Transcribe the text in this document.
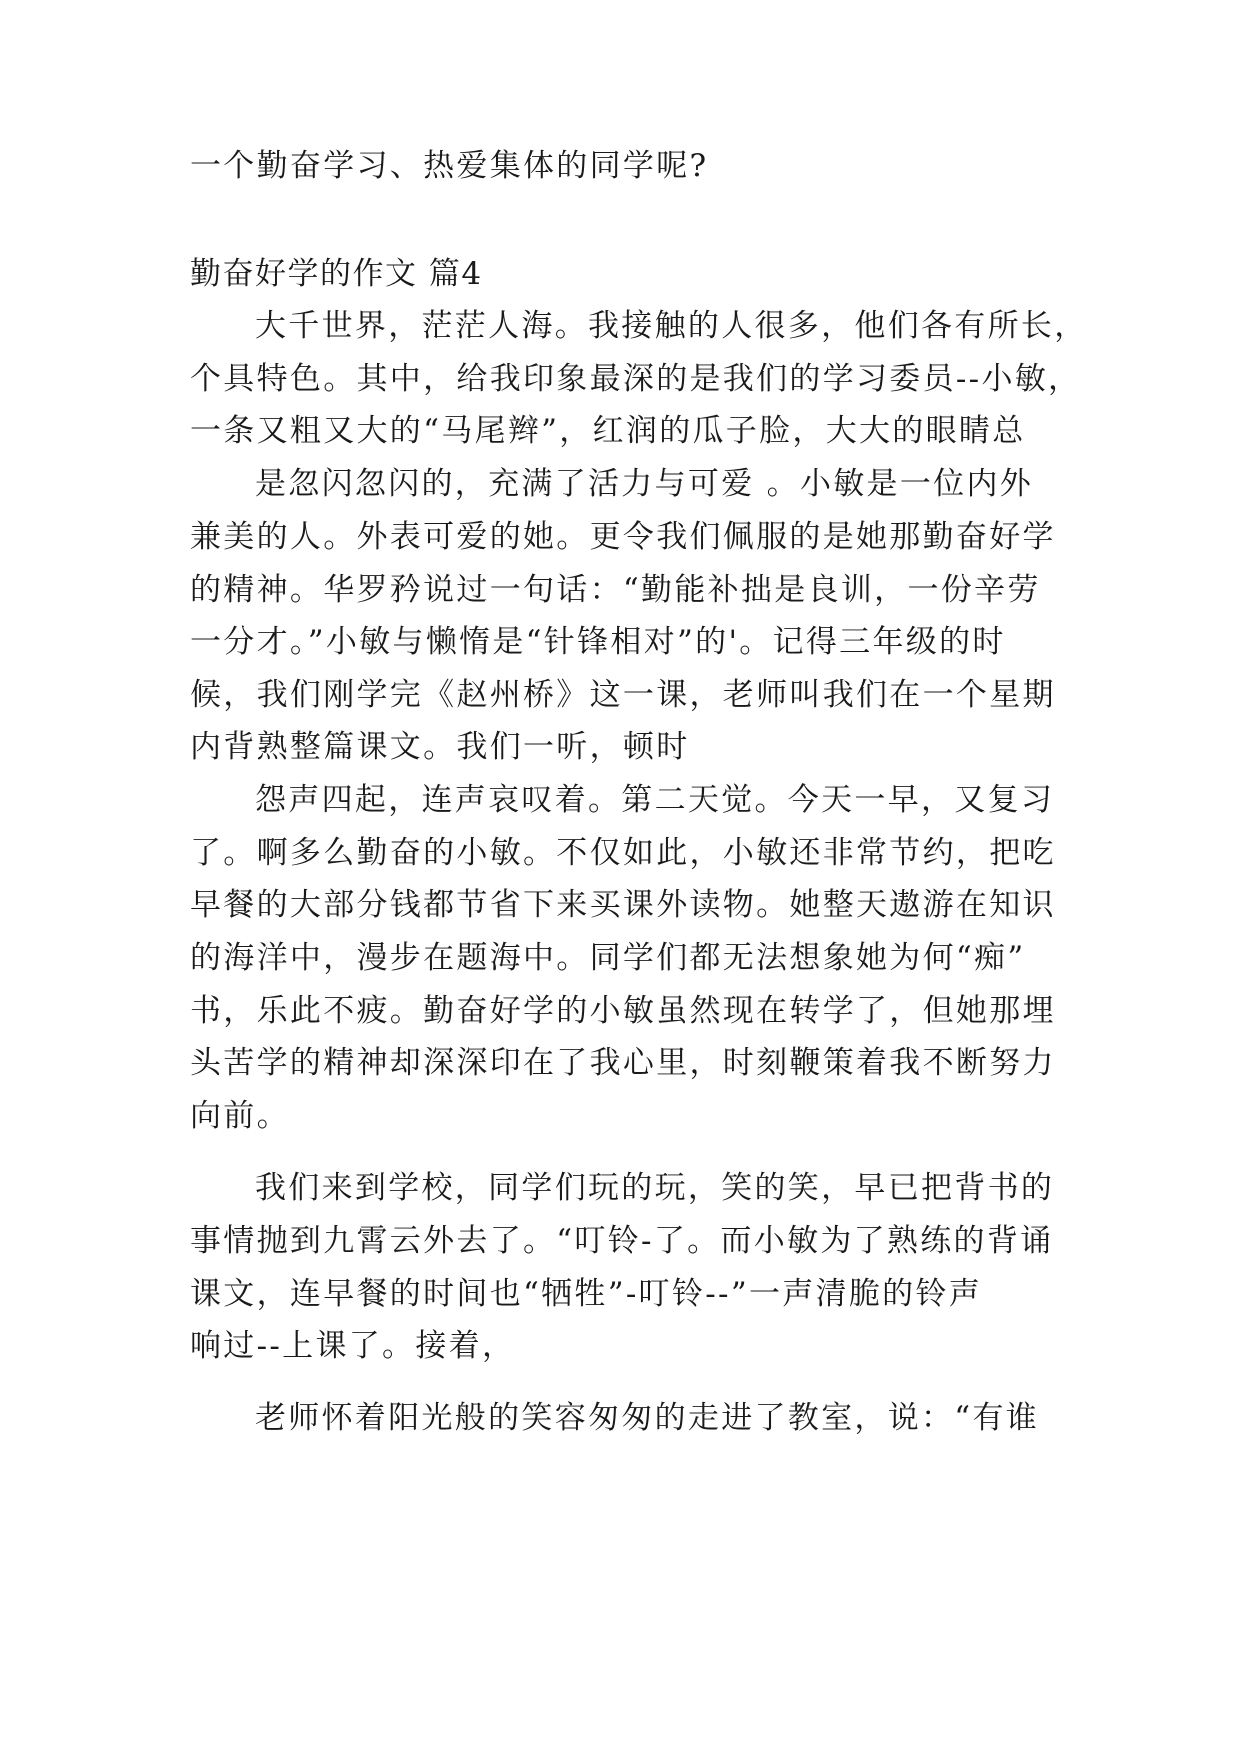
一个勤奋学习、热爱集体的同学呢?
勤奋好学的作文 篇4
大千世界，茫茫人海。我接触的人很多，他们各有所长，
个具特色。其中，给我印象最深的是我们的学习委员--小敏，
一条又粗又大的“马尾辫”，红润的瓜子脸，大大的眼睛总
是忽闪忽闪的，充满了活力与可爱 。小敏是一位内外
兼美的人。外表可爱的她。更令我们佩服的是她那勤奋好学
的精神。华罗矜说过一句话：“勤能补拙是良训，一份辛劳
一分才。”小敏与懒惰是“针锋相对”的'。记得三年级的时
候，我们刚学完《赵州桥》这一课，老师叫我们在一个星期
内背熟整篇课文。我们一听，顿时
怨声四起，连声哀叹着。第二天觉。今天一早，又复习
了。啊多么勤奋的小敏。不仅如此，小敏还非常节约，把吃
早餐的大部分钱都节省下来买课外读物。她整天遨游在知识
的海洋中，漫步在题海中。同学们都无法想象她为何“痴”
书，乐此不疲。勤奋好学的小敏虽然现在转学了，但她那埋
头苦学的精神却深深印在了我心里，时刻鞭策着我不断努力
向前。
我们来到学校，同学们玩的玩，笑的笑，早已把背书的
事情抛到九霄云外去了。“叮铃-了。而小敏为了熟练的背诵
课文，连早餐的时间也“牺牲”-叮铃--”一声清脆的铃声
响过--上课了。接着，
老师怀着阳光般的笑容匆匆的走进了教室，说：“有谁
